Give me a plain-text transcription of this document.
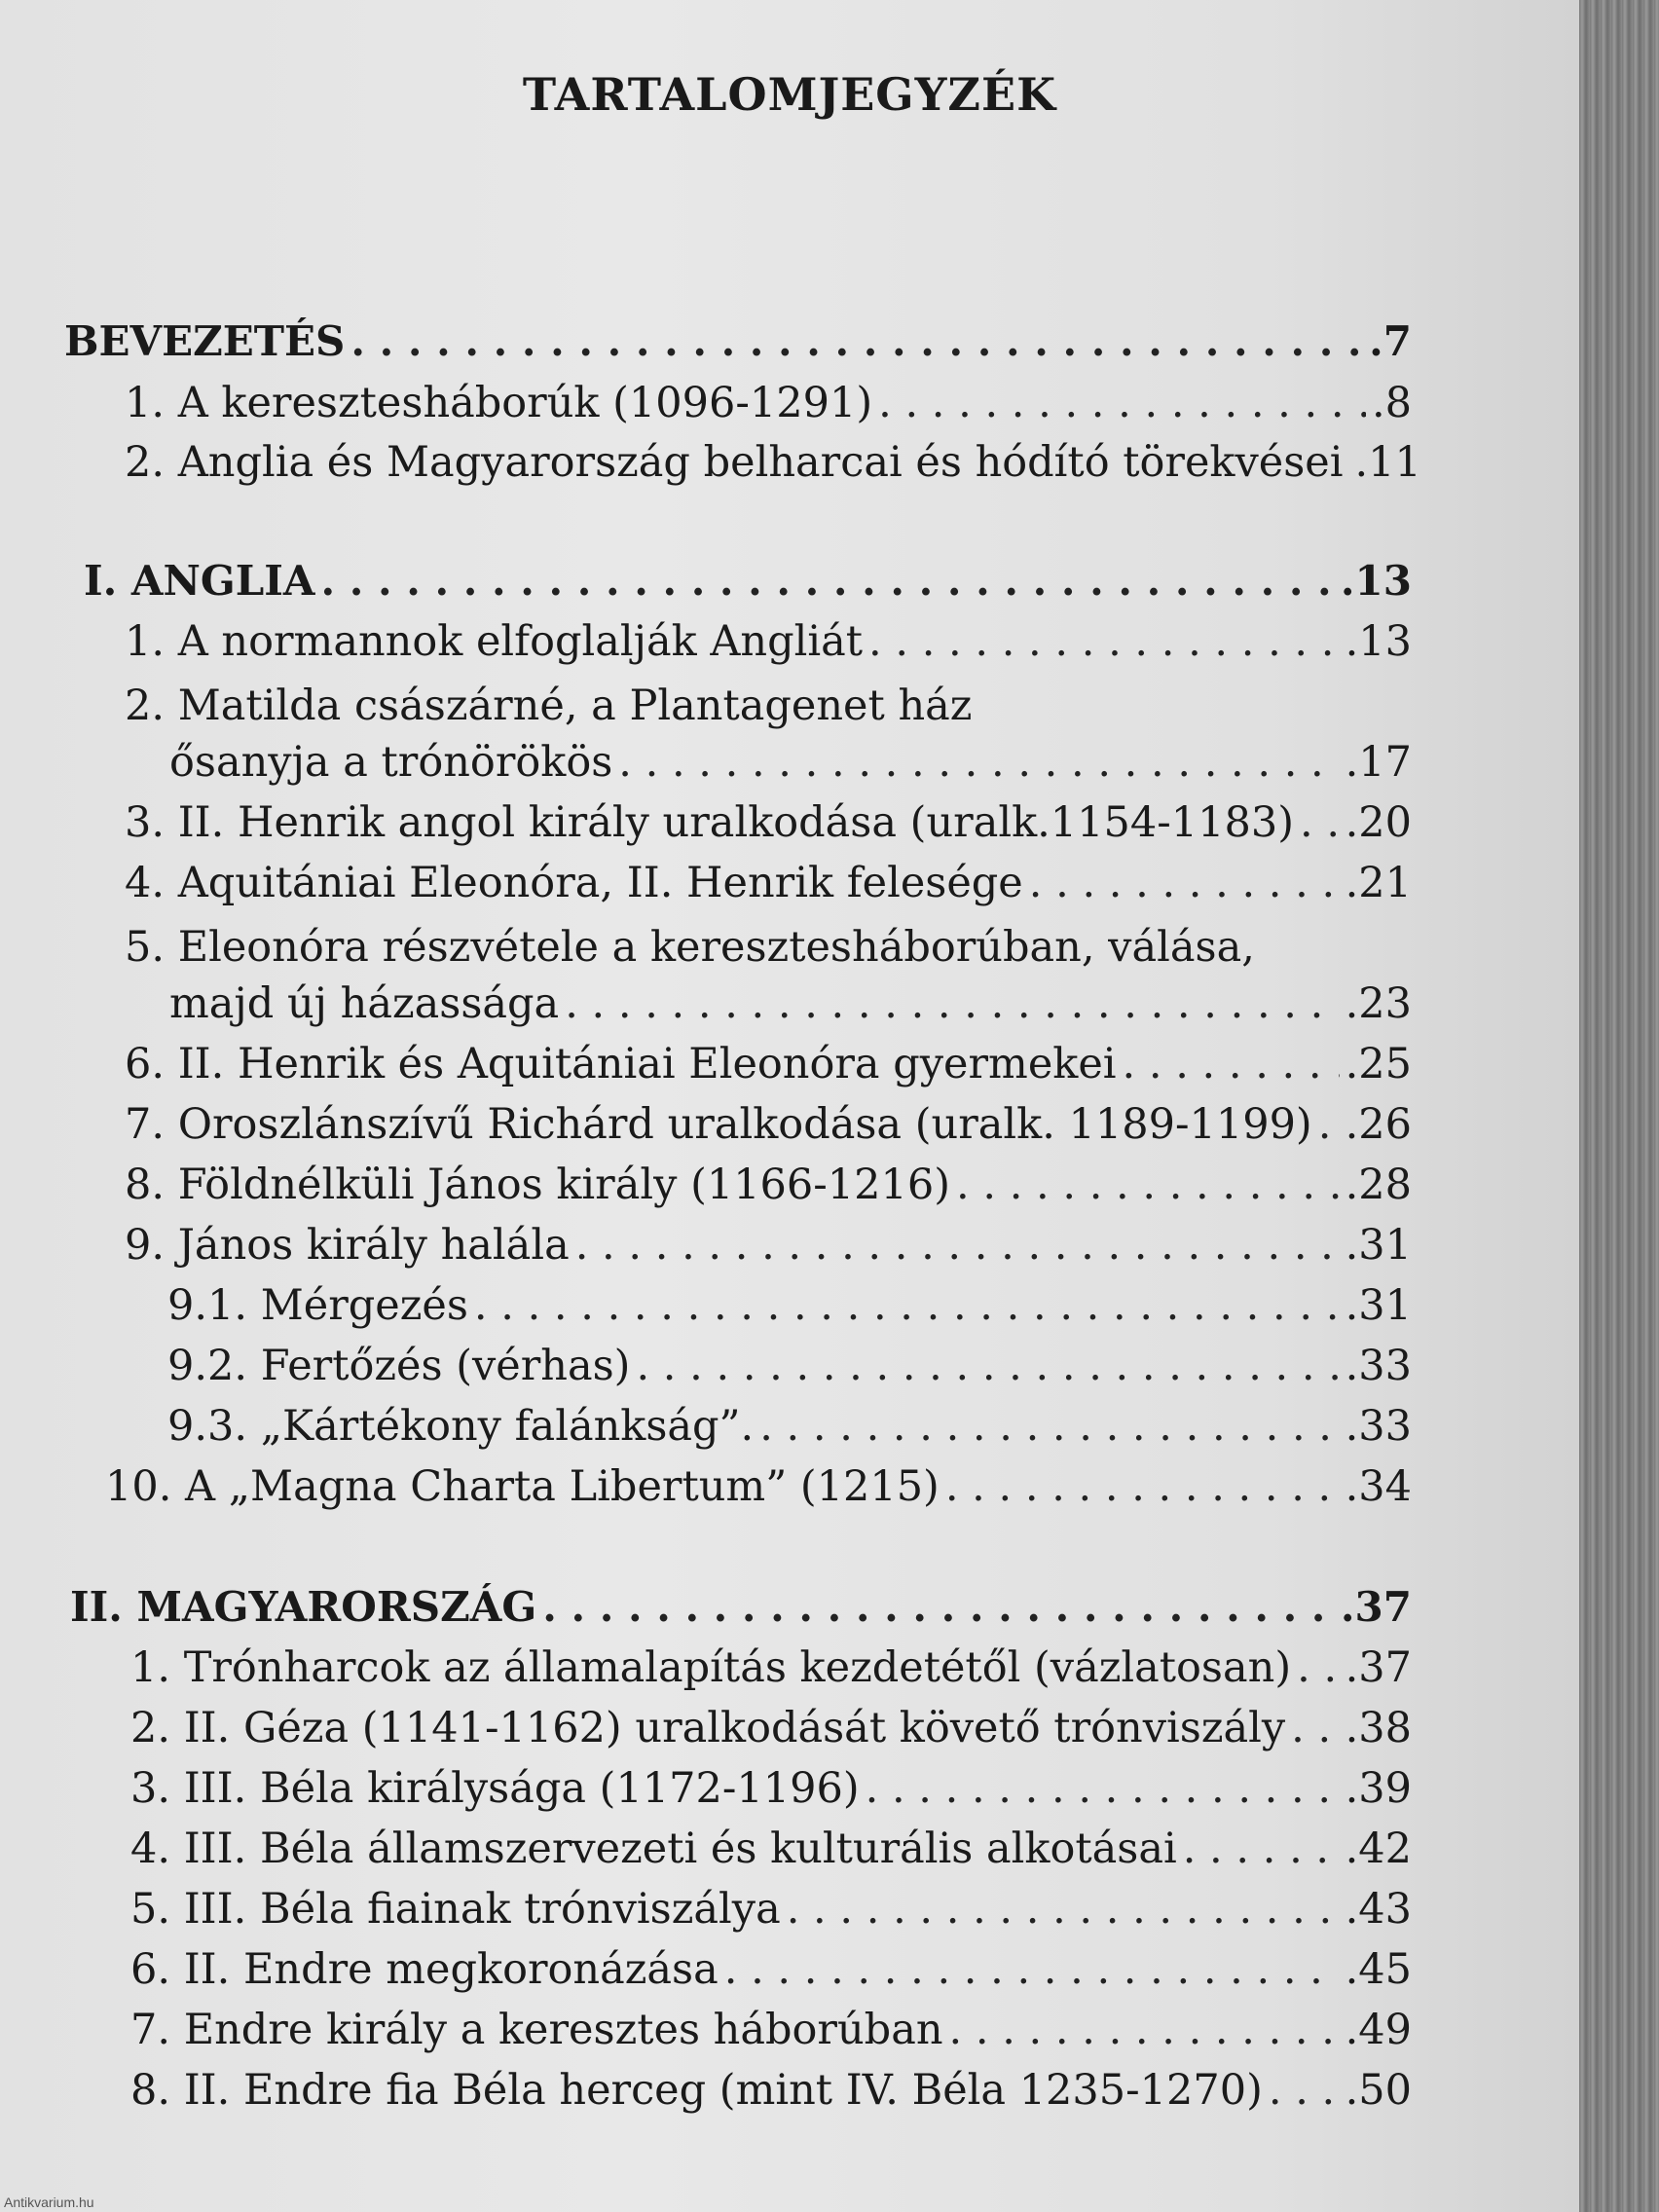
TARTALOMJEGYZÉK
BEVEZETÉS . . .	.7
1. A keresztesháborúk (1096-1291) . . .	.8
2. Anglia és Magyarország belharcai és hódító törekvései .11
I. ANGLIA . . .	.13
1. A normannok elfoglalják Angliát . . .	.13
2. Matilda császárné, a Plantagenet ház
ősanyja a trónörökös . . .	.17
3. II. Henrik angol király uralkodása (uralk.1154-1183) . . . .20
4. Aquitániai Eleonóra, II. Henrik felesége . . .	.21
5. Eleonóra részvétele a keresztesháborúban, válása,
majd új házassága . . .	.23
6. II. Henrik és Aquitániai Eleonóra gyermekei . . .	.25
7. Oroszlánszívű Richárd uralkodása (uralk. 1189-1199) . . . .26
8. Földnélküli János király (1166-1216) . . .	.28
9. János király halála . . .	.31
9.1. Mérgezés . . .	.31
9.2. Fertőzés (vérhas) . . .	.33
9.3. „Kártékony falánkság”. . . .	.33
10. A „Magna Charta Libertum” (1215) . . .	.34
II. MAGYARORSZÁG . . .	.37
1. Trónharcok az államalapítás kezdetétől (vázlatosan) . . . .37
2. II. Géza (1141-1162) uralkodását követő trónviszály . . . .38
3. III. Béla királysága (1172-1196) . . .	.39
4. III. Béla államszervezeti és kulturális alkotásai . . .	.42
5. III. Béla fiainak trónviszálya . . .	.43
6. II. Endre megkoronázása . . .	.45
7. Endre király a keresztes háborúban . . .	.49
8. II. Endre fia Béla herceg (mint IV. Béla 1235-1270) . . . .50
Antikvarium.hu
